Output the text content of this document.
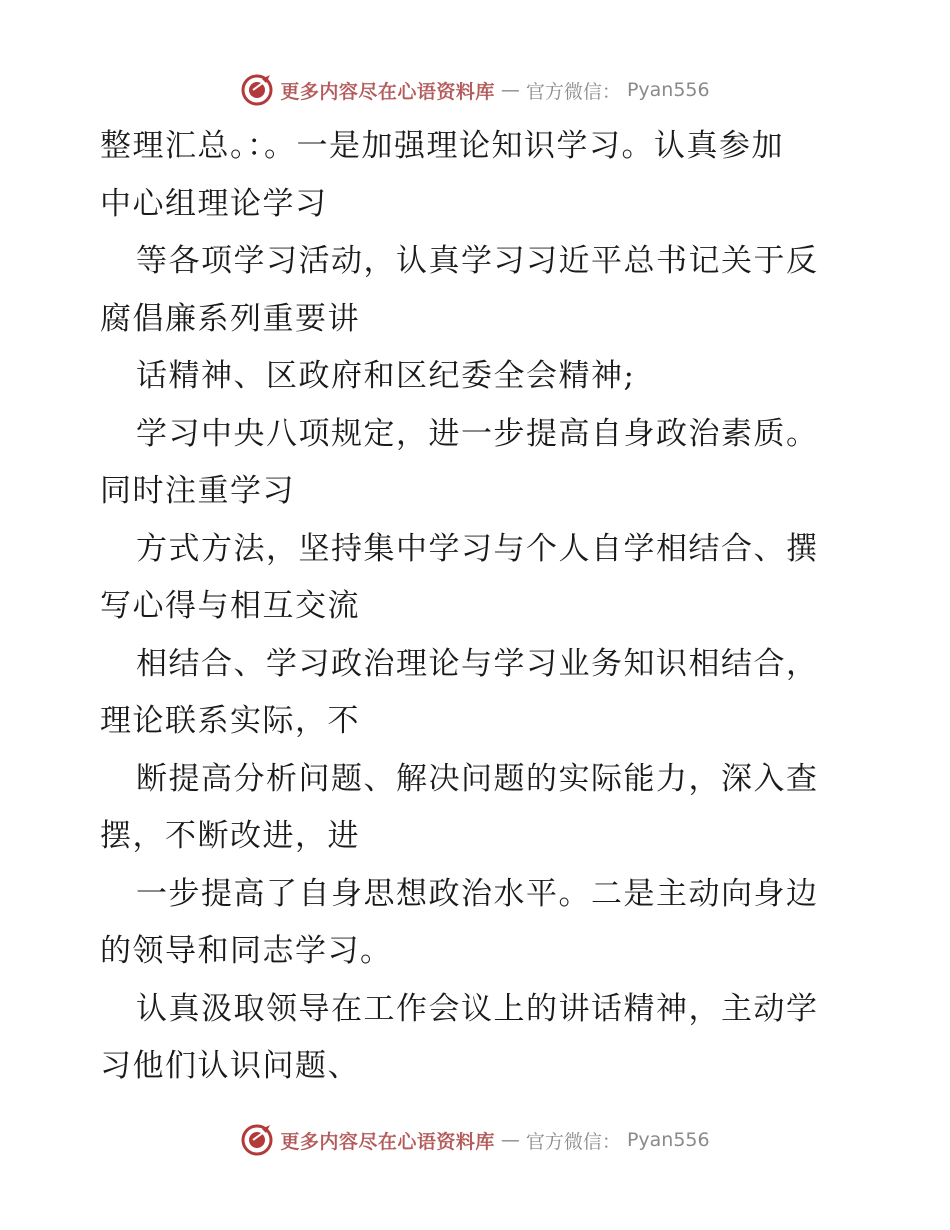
更多内容尽在心语资料库 — 官方微信： Pyan556
整理汇总。：。一是加强理论知识学习。认真参加
中心组理论学习
等各项学习活动，认真学习习近平总书记关于反
腐倡廉系列重要讲
话精神、区政府和区纪委全会精神;
学习中央八项规定，进一步提高自身政治素质。
同时注重学习
方式方法，坚持集中学习与个人自学相结合、撰
写心得与相互交流
相结合、学习政治理论与学习业务知识相结合，
理论联系实际，不
断提高分析问题、解决问题的实际能力，深入查
摆，不断改进，进
一步提高了自身思想政治水平。二是主动向身边
的领导和同志学习。
认真汲取领导在工作会议上的讲话精神，主动学
习他们认识问题、
更多内容尽在心语资料库 — 官方微信： Pyan556
